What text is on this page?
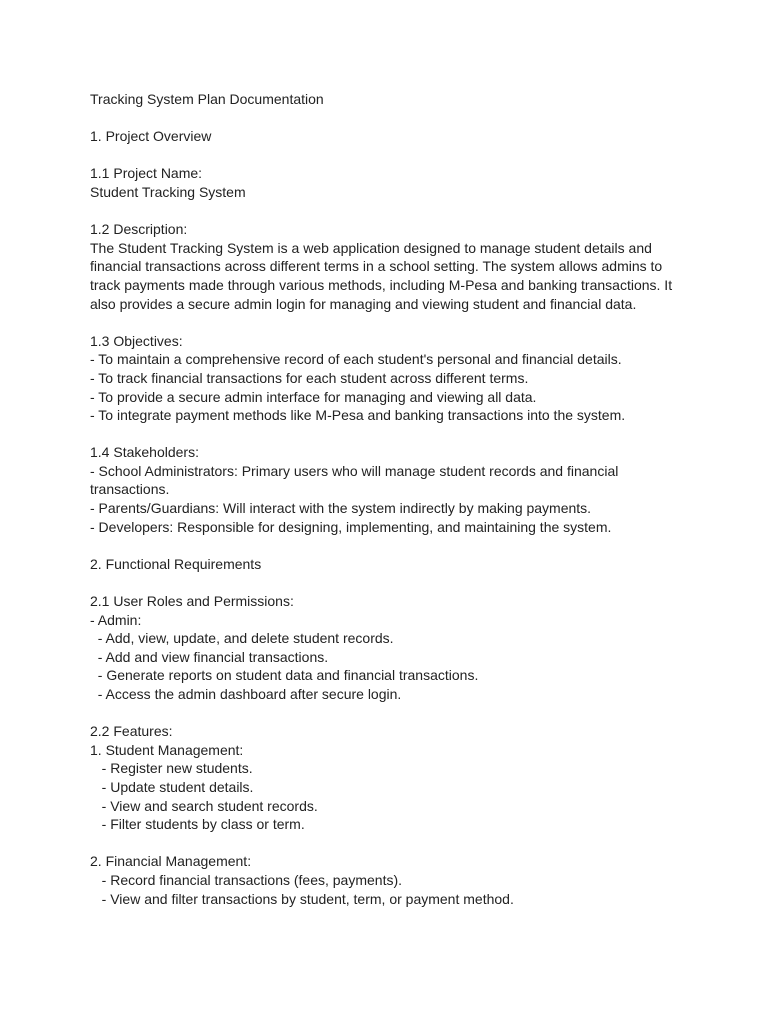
Tracking System Plan Documentation
1. Project Overview
1.1 Project Name:
Student Tracking System
1.2 Description:
The Student Tracking System is a web application designed to manage student details and
financial transactions across different terms in a school setting. The system allows admins to
track payments made through various methods, including M-Pesa and banking transactions. It
also provides a secure admin login for managing and viewing student and financial data.
1.3 Objectives:
- To maintain a comprehensive record of each student's personal and financial details.
- To track financial transactions for each student across different terms.
- To provide a secure admin interface for managing and viewing all data.
- To integrate payment methods like M-Pesa and banking transactions into the system.
1.4 Stakeholders:
- School Administrators: Primary users who will manage student records and financial
transactions.
- Parents/Guardians: Will interact with the system indirectly by making payments.
- Developers: Responsible for designing, implementing, and maintaining the system.
2. Functional Requirements
2.1 User Roles and Permissions:
- Admin:
- Add, view, update, and delete student records.
- Add and view financial transactions.
- Generate reports on student data and financial transactions.
- Access the admin dashboard after secure login.
2.2 Features:
1. Student Management:
- Register new students.
- Update student details.
- View and search student records.
- Filter students by class or term.
2. Financial Management:
- Record financial transactions (fees, payments).
- View and filter transactions by student, term, or payment method.
